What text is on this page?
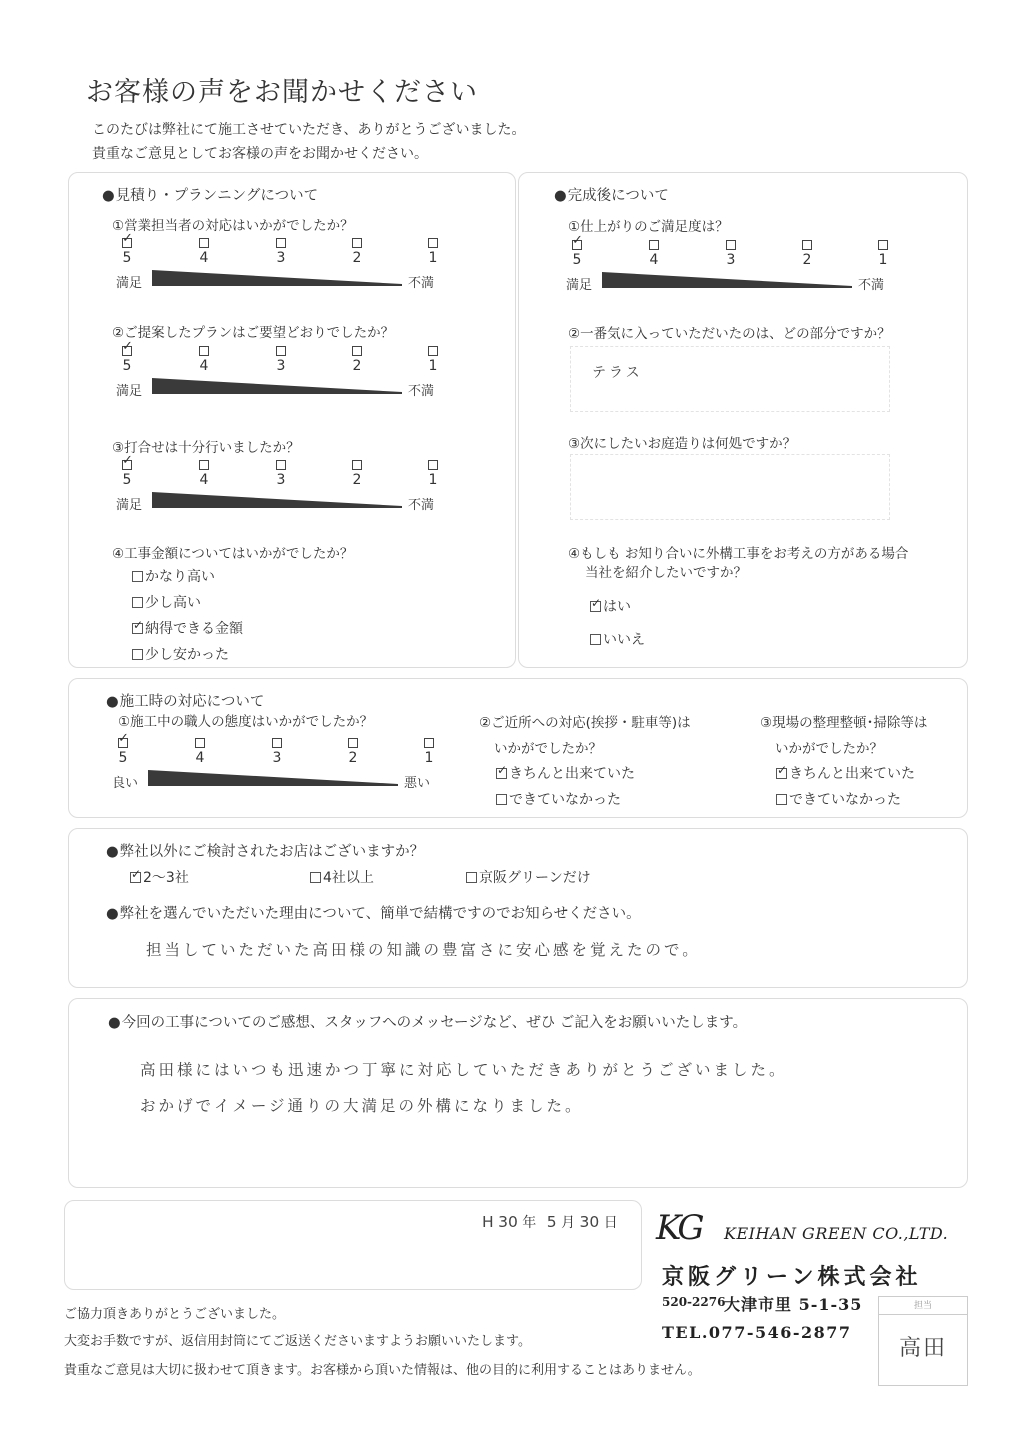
お客様の声をお聞かせください
このたびは弊社にて施工させていただき、ありがとうございました。
貴重なご意見としてお客様の声をお聞かせください。
● 見積り・プランニングについて
①営業担当者の対応はいかがでしたか？
✓
5	4	3	2	1
満足	不満
②ご提案したプランはご要望どおりでしたか？
✓
5	4	3	2	1
満足	不満
③打合せは十分行いましたか？
✓
5	4	3	2	1
満足	不満
④工事金額についてはいかがでしたか？
かなり高い
少し高い
✓納得できる金額
少し安かった
● 完成後について
①仕上がりのご満足度は？
✓
5	4	3	2	1
満足	不満
②一番気に入っていただいたのは、どの部分ですか？
テラス
③次にしたいお庭造りは何処ですか？
④もしも お知り合いに外構工事をお考えの方がある場合
当社を紹介したいですか？
✓はい
いいえ
● 施工時の対応について
①施工中の職人の態度はいかがでしたか？
✓
5	4	3	2	1
良い	悪い
②ご近所への対応(挨拶・駐車等)は
いかがでしたか？
✓きちんと出来ていた
できていなかった
③現場の整理整頓･掃除等は
いかがでしたか？
✓きちんと出来ていた
できていなかった
● 弊社以外にご検討されたお店はございますか？
✓2～3社	4社以上	京阪グリーンだけ
● 弊社を選んでいただいた理由について、簡単で結構ですのでお知らせください。
担当していただいた高田様の知識の豊富さに安心感を覚えたので。
● 今回の工事についてのご感想、スタッフへのメッセージなど、ぜひ ご記入をお願いいたします。
高田様にはいつも迅速かつ丁寧に対応していただきありがとうございました。
おかげでイメージ通りの大満足の外構になりました。
H 30 年 5 月 30 日 KG KEIHAN GREEN CO.,LTD.
京阪グリーン株式会社
520-2276
大津市里 5-1-35
TEL.077-546-2877
担当
高田
ご協力頂きありがとうございました。
大変お手数ですが、返信用封筒にてご返送くださいますようお願いいたします。
貴重なご意見は大切に扱わせて頂きます。お客様から頂いた情報は、他の目的に利用することはありません。
